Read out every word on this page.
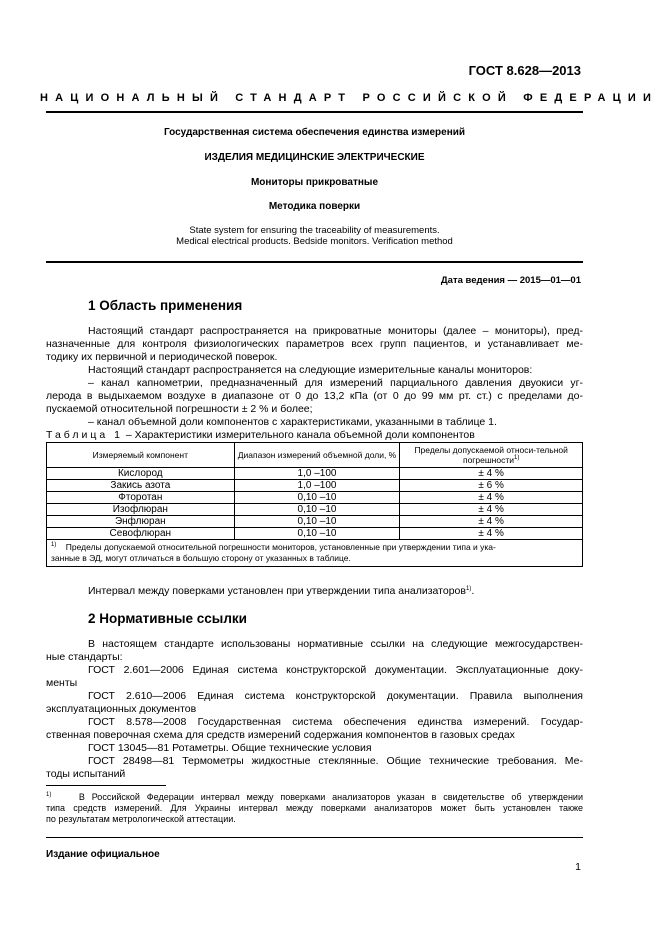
ГОСТ 8.628—2013
НАЦИОНАЛЬНЫЙ СТАНДАРТ РОССИЙСКОЙ ФЕДЕРАЦИИ
Государственная система обеспечения единства измерений
ИЗДЕЛИЯ МЕДИЦИНСКИЕ ЭЛЕКТРИЧЕСКИЕ
Мониторы прикроватные
Методика поверки
State system for ensuring the traceability of measurements.
Medical electrical products. Bedside monitors. Verification method
Дата ведения — 2015—01—01
1 Область применения
Настоящий стандарт распространяется на прикроватные мониторы (далее – мониторы), пред-
назначенные для контроля физиологических параметров всех групп пациентов, и устанавливает ме-
тодику их первичной и периодической поверок.
Настоящий стандарт распространяется на следующие измерительные каналы мониторов:
– канал капнометрии, предназначенный для измерений парциального давления двуокиси уг-
лерода в выдыхаемом воздухе в диапазоне от 0 до 13,2 кПа (от 0 до 99 мм рт. ст.) с пределами до-
пускаемой относительной погрешности ± 2 % и более;
– канал объемной доли компонентов с характеристиками, указанными в таблице 1.
Таблица 1 – Характеристики измерительного канала объемной доли компонентов
Измеряемый компонент	Диапазон измерений объемной доли, %	Пределы допускаемой относи-тельной погрешности$^{1)}$
Кислород	1,0 –100	± 4 %
Закись азота	1,0 –100	± 6 %
Фторотан	0,10 –10	± 4 %
Изофлюран	0,10 –10	± 4 %
Энфлюран	0,10 –10	± 4 %
Севофлюран	0,10 –10	± 4 %

$^{1)}$ Пределы допускаемой относительной погрешности мониторов, установленные при утверждении типа и ука-
занные в ЭД, могут отличаться в большую сторону от указанных в таблице.		
Интервал между поверками установлен при утверждении типа анализаторов$^{1)}$.
2 Нормативные ссылки
В настоящем стандарте использованы нормативные ссылки на следующие межгосударствен-
ные стандарты:
ГОСТ 2.601—2006 Единая система конструкторской документации. Эксплуатационные доку-
менты
ГОСТ 2.610—2006 Единая система конструкторской документации. Правила выполнения
эксплуатационных документов
ГОСТ 8.578—2008 Государственная система обеспечения единства измерений. Государ-
ственная поверочная схема для средств измерений содержания компонентов в газовых средах
ГОСТ 13045—81 Ротаметры. Общие технические условия
ГОСТ 28498—81 Термометры жидкостные стеклянные. Общие технические требования. Ме-
тоды испытаний
$^{1)}$	В Российской Федерации интервал между поверками анализаторов указан в свидетельстве об утверждении
типа средств измерений. Для Украины интервал между поверками анализаторов может быть установлен также
по результатам метрологической аттестации.
Издание официальное
1
